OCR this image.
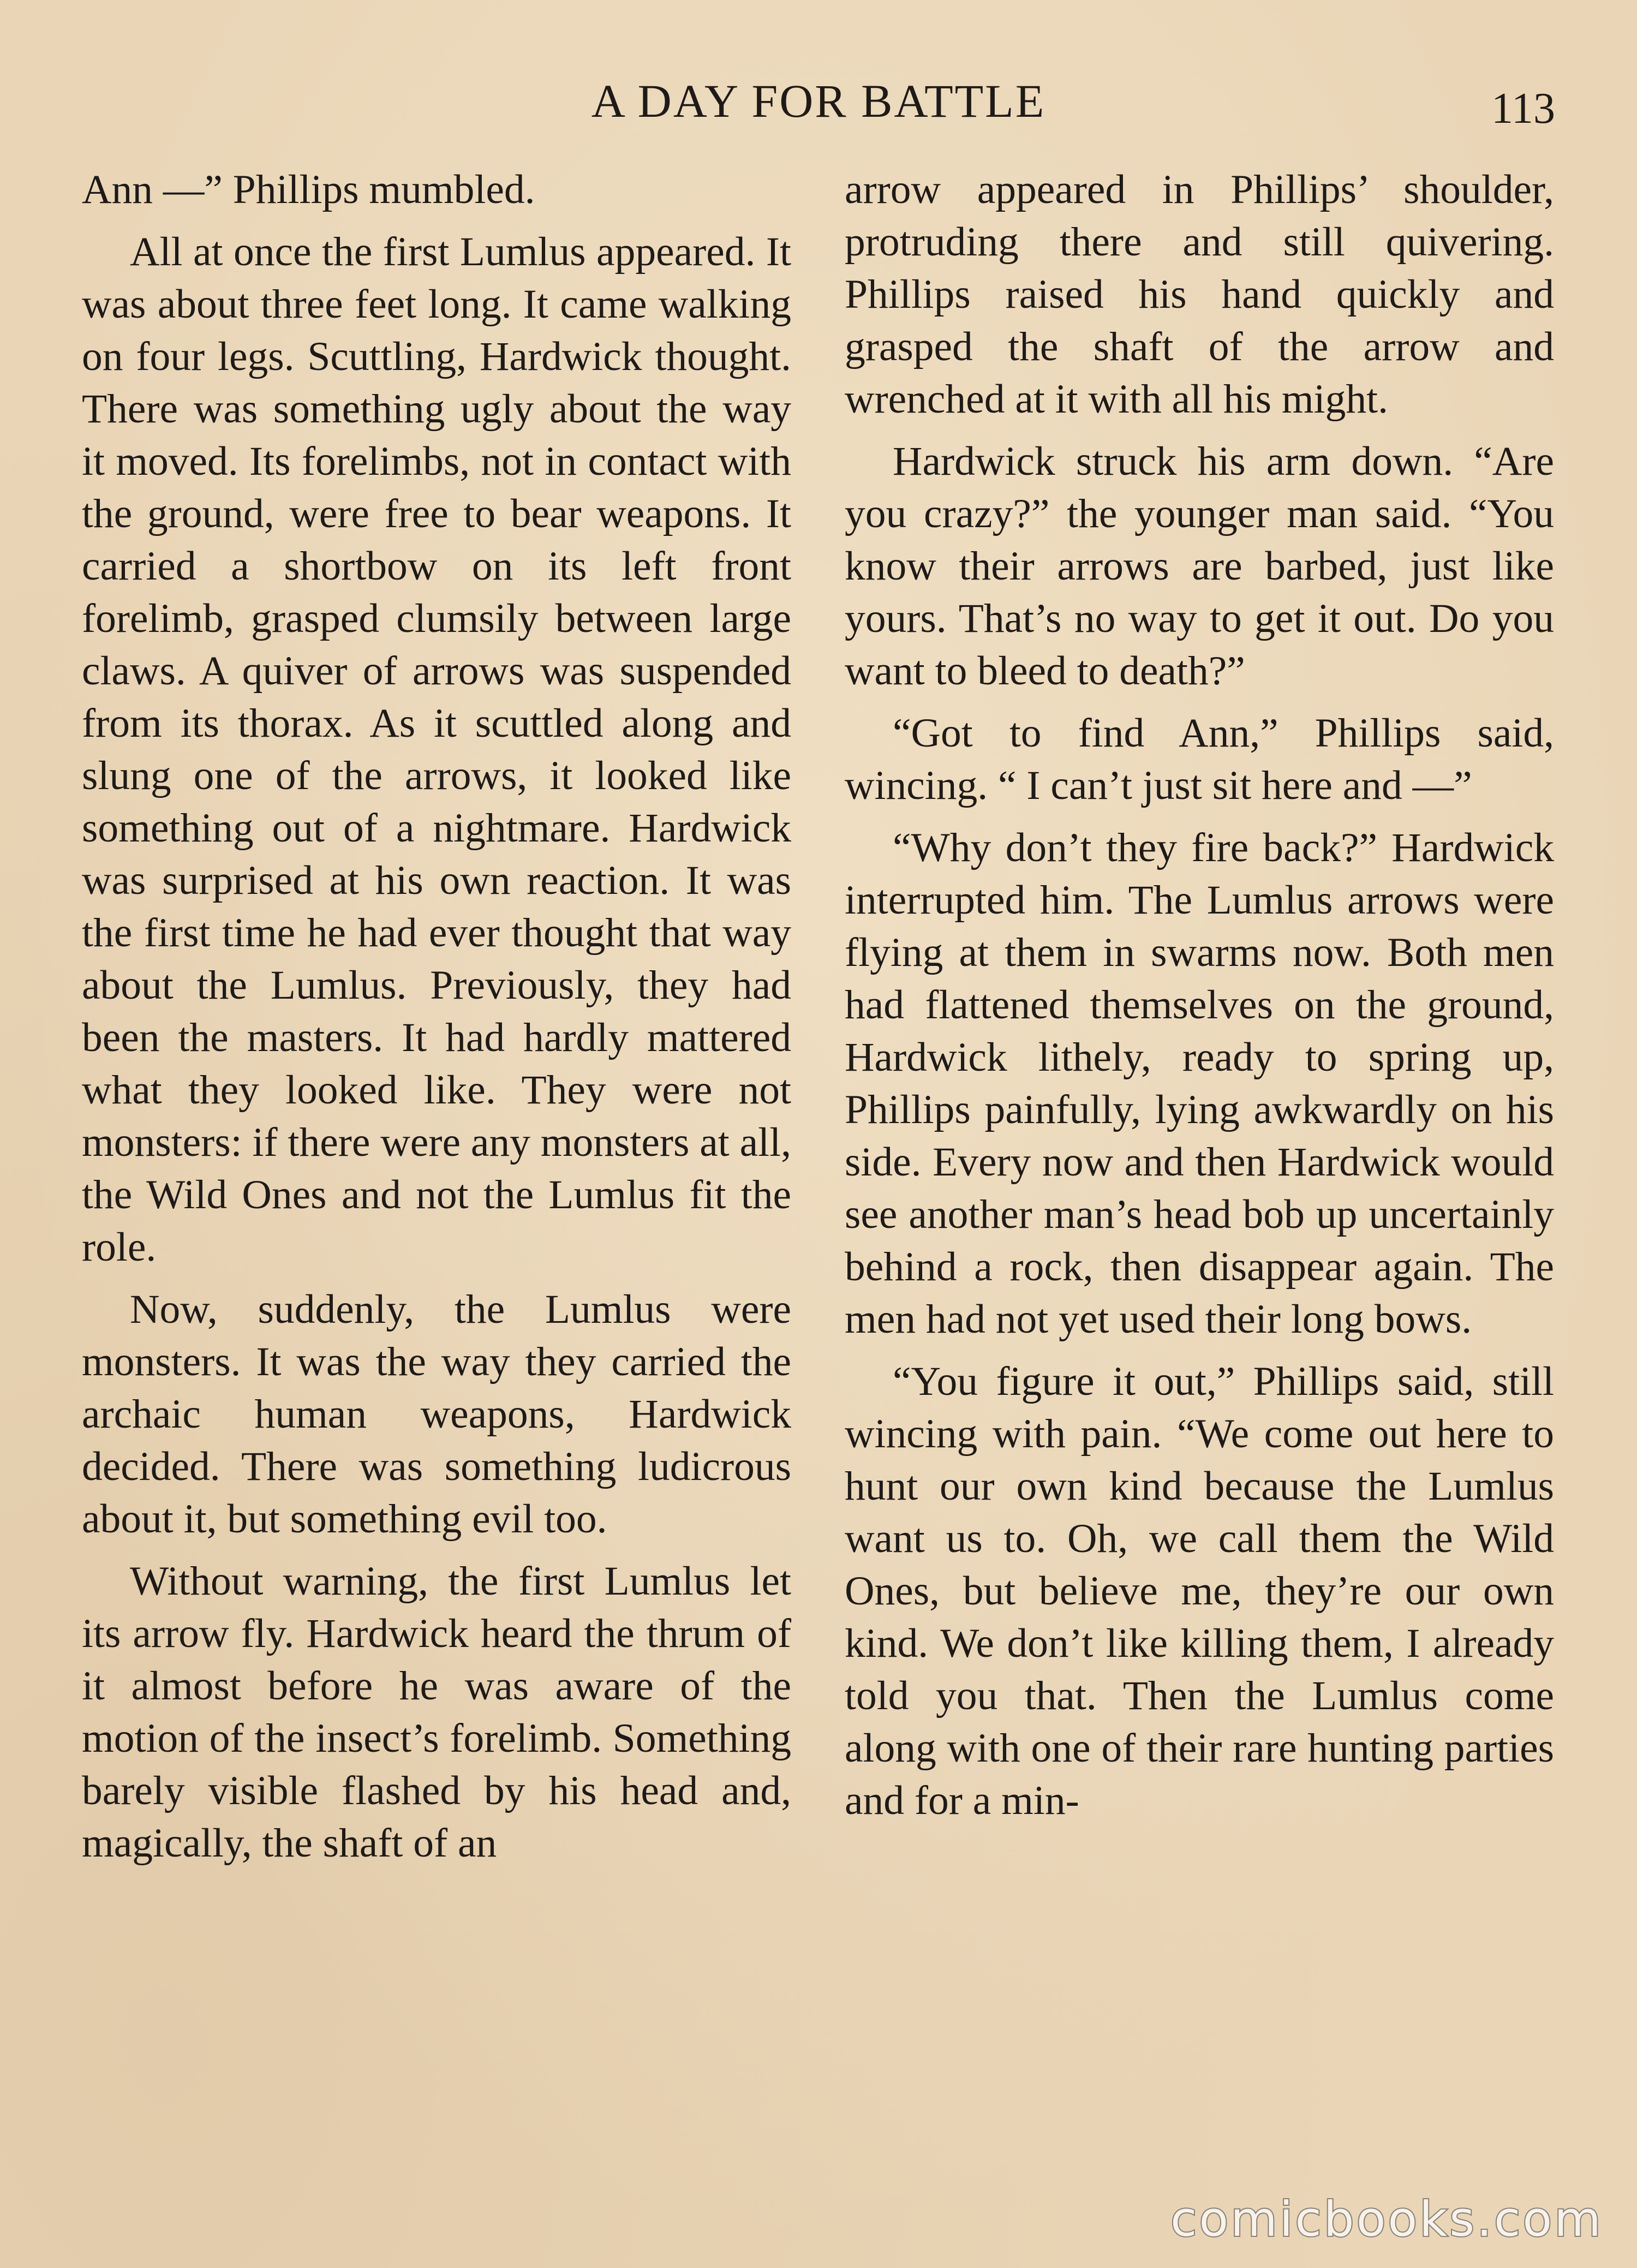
A DAY FOR BATTLE	113

Ann —” Phillips mumbled.

All at once the first Lumlus appeared. It was about three feet long. It came walking on four legs. Scuttling, Hardwick thought. There was something ugly about the way it moved. Its forelimbs, not in contact with the ground, were free to bear weapons. It carried a shortbow on its left front forelimb, grasped clumsily between large claws. A quiver of arrows was suspended from its thorax. As it scuttled along and slung one of the arrows, it looked like something out of a nightmare. Hardwick was surprised at his own reaction. It was the first time he had ever thought that way about the Lumlus. Previously, they had been the masters. It had hardly mattered what they looked like. They were not monsters: if there were any monsters at all, the Wild Ones and not the Lumlus fit the role.

Now, suddenly, the Lumlus were monsters. It was the way they carried the archaic human weapons, Hardwick decided. There was something ludicrous about it, but something evil too.

Without warning, the first Lumlus let its arrow fly. Hardwick heard the thrum of it almost before he was aware of the motion of the insect’s forelimb. Something barely visible flashed by his head and, magically, the shaft of an

arrow appeared in Phillips’ shoulder, protruding there and still quivering. Phillips raised his hand quickly and grasped the shaft of the arrow and wrenched at it with all his might.

Hardwick struck his arm down. “Are you crazy?” the younger man said. “You know their arrows are barbed, just like yours. That’s no way to get it out. Do you want to bleed to death?”

“Got to find Ann,” Phillips said, wincing. “ I can’t just sit here and —”

“Why don’t they fire back?” Hardwick interrupted him. The Lumlus arrows were flying at them in swarms now. Both men had flattened themselves on the ground, Hardwick lithely, ready to spring up, Phillips painfully, lying awkwardly on his side. Every now and then Hardwick would see another man’s head bob up uncertainly behind a rock, then disappear again. The men had not yet used their long bows.

“You figure it out,” Phillips said, still wincing with pain. “We come out here to hunt our own kind because the Lumlus want us to. Oh, we call them the Wild Ones, but believe me, they’re our own kind. We don’t like killing them, I already told you that. Then the Lumlus come along with one of their rare hunting parties and for a min-

comicbooks.com
